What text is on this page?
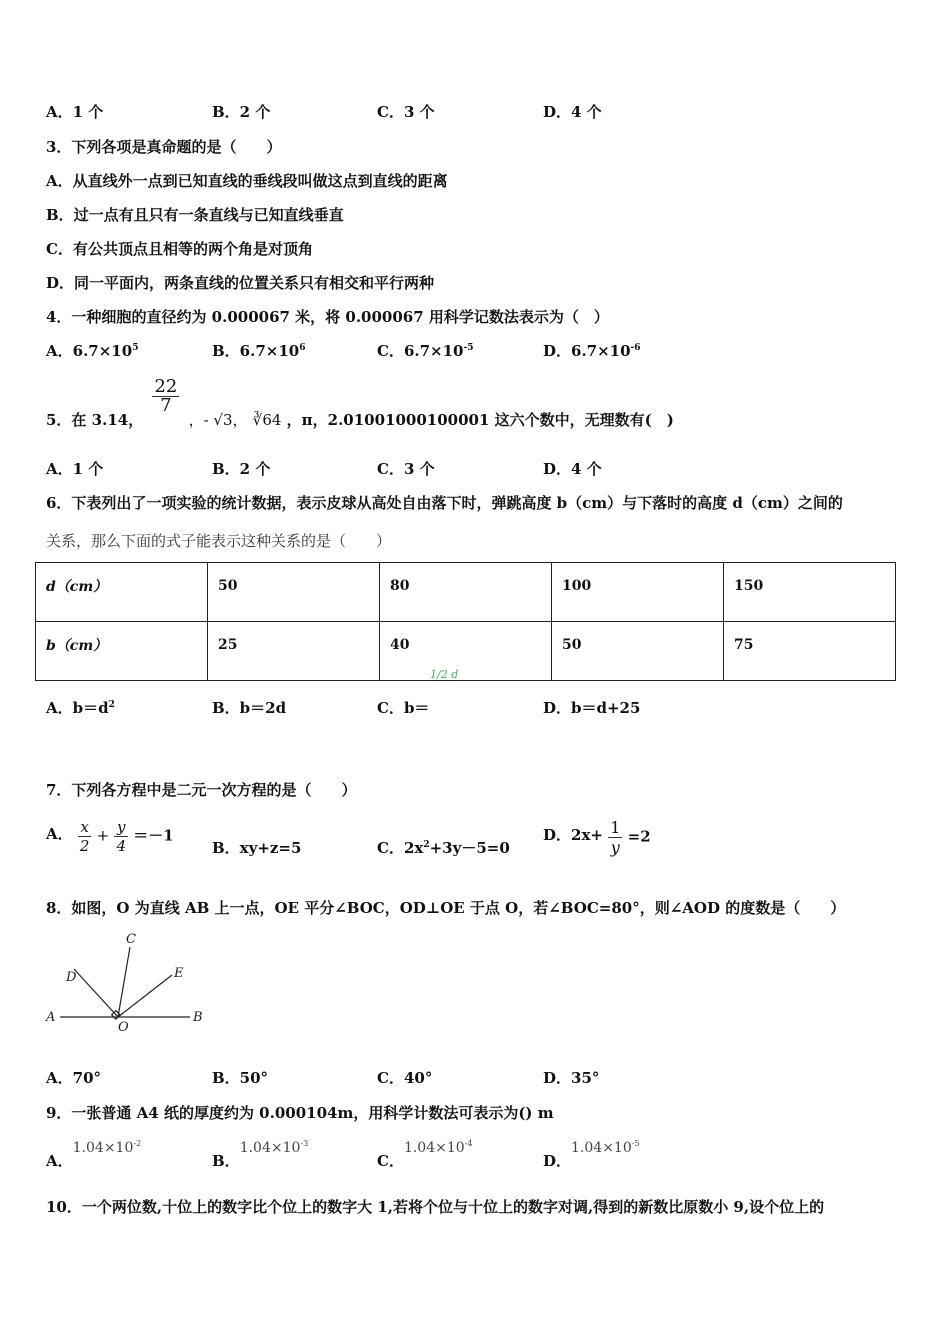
A．1 个	B．2 个	C．3 个	D．4 个
3．下列各项是真命题的是（　　）
A．从直线外一点到已知直线的垂线段叫做这点到直线的距离
B．过一点有且只有一条直线与已知直线垂直
C．有公共顶点且相等的两个角是对顶角
D．同一平面内，两条直线的位置关系只有相交和平行两种
4．一种细胞的直径约为 0.000067 米，将 0.000067 用科学记数法表示为（　）
A．$6.7\times 10^5$	B．$6.7\times 10^6$	C．$6.7\times 10^{-5}$	D．$6.7\times 10^{-6}$
5．在 3.14，
$\frac{22}{7}$
，- √3， ∛64 ，π，2.01001000100001 这六个数中，无理数有(　)
A．1 个	B．2 个	C．3 个	D．4 个
6．下表列出了一项实验的统计数据，表示皮球从高处自由落下时，弹跳高度 b（cm）与下落时的高度 d（cm）之间的
关系，那么下面的式子能表示这种关系的是（　　）
d（cm）	50	80	100	150
b（cm）	25	40	50	75
A．$b=d^2$	B．b＝2d	C．b＝
1/2 d
D．b＝d+25
7．下列各方程中是二元一次方程的是（　　）
A． $\frac{x}{2} + \frac{y}{4} =-1$
B．xy+z=5	C．$2x^2+3y-5=0$
D．$2x+ \frac{1}{y} =2$
8．如图，O 为直线 AB 上一点，OE 平分∠BOC，OD⊥OE 于点 O，若∠BOC=80°，则∠AOD 的度数是（　　）
A	B
C
D	E
O
A．70°	B．50°	C．40°	D．35°
9．一张普通 A4 纸的厚度约为 0.000104m，用科学计数法可表示为() m
A．$1.04\times 10^{-2}$
B．$1.04\times 10^{-3}$
C．$1.04\times 10^{-4}$
D．$1.04\times 10^{-5}$
10．一个两位数,十位上的数字比个位上的数字大 1,若将个位与十位上的数字对调,得到的新数比原数小 9,设个位上的
